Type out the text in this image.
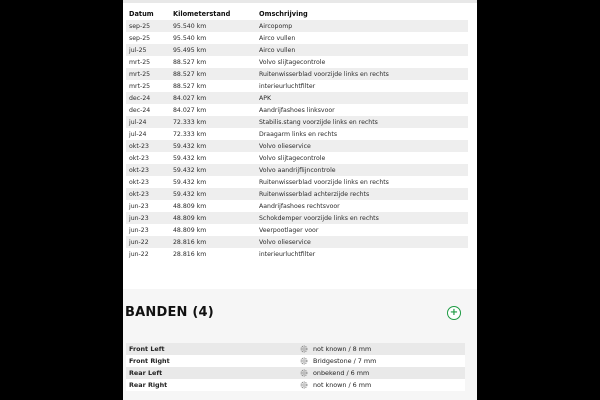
Datum	Kilometerstand	Omschrijving
sep-25	95.540 km	Aircopomp
sep-25	95.540 km	Airco vullen
jul-25	95.495 km	Airco vullen
mrt-25	88.527 km	Volvo slijtagecontrole
mrt-25	88.527 km	Ruitenwisserblad voorzijde links en rechts
mrt-25	88.527 km	interieurluchtfilter
dec-24	84.027 km	APK
dec-24	84.027 km	Aandrijfashoes linksvoor
jul-24	72.333 km	Stabilis.stang voorzijde links en rechts
jul-24	72.333 km	Draagarm links en rechts
okt-23	59.432 km	Volvo olieservice
okt-23	59.432 km	Volvo slijtagecontrole
okt-23	59.432 km	Volvo aandrijflijncontrole
okt-23	59.432 km	Ruitenwisserblad voorzijde links en rechts
okt-23	59.432 km	Ruitenwisserblad achterzijde rechts
jun-23	48.809 km	Aandrijfashoes rechtsvoor
jun-23	48.809 km	Schokdemper voorzijde links en rechts
jun-23	48.809 km	Veerpootlager voor
jun-22	28.816 km	Volvo olieservice
jun-22	28.816 km	interieurluchtfilter
BANDEN (4)	+
Front Left	not known / 8 mm
Front Right	Bridgestone / 7 mm
Rear Left	onbekend / 6 mm
Rear Right	not known / 6 mm
